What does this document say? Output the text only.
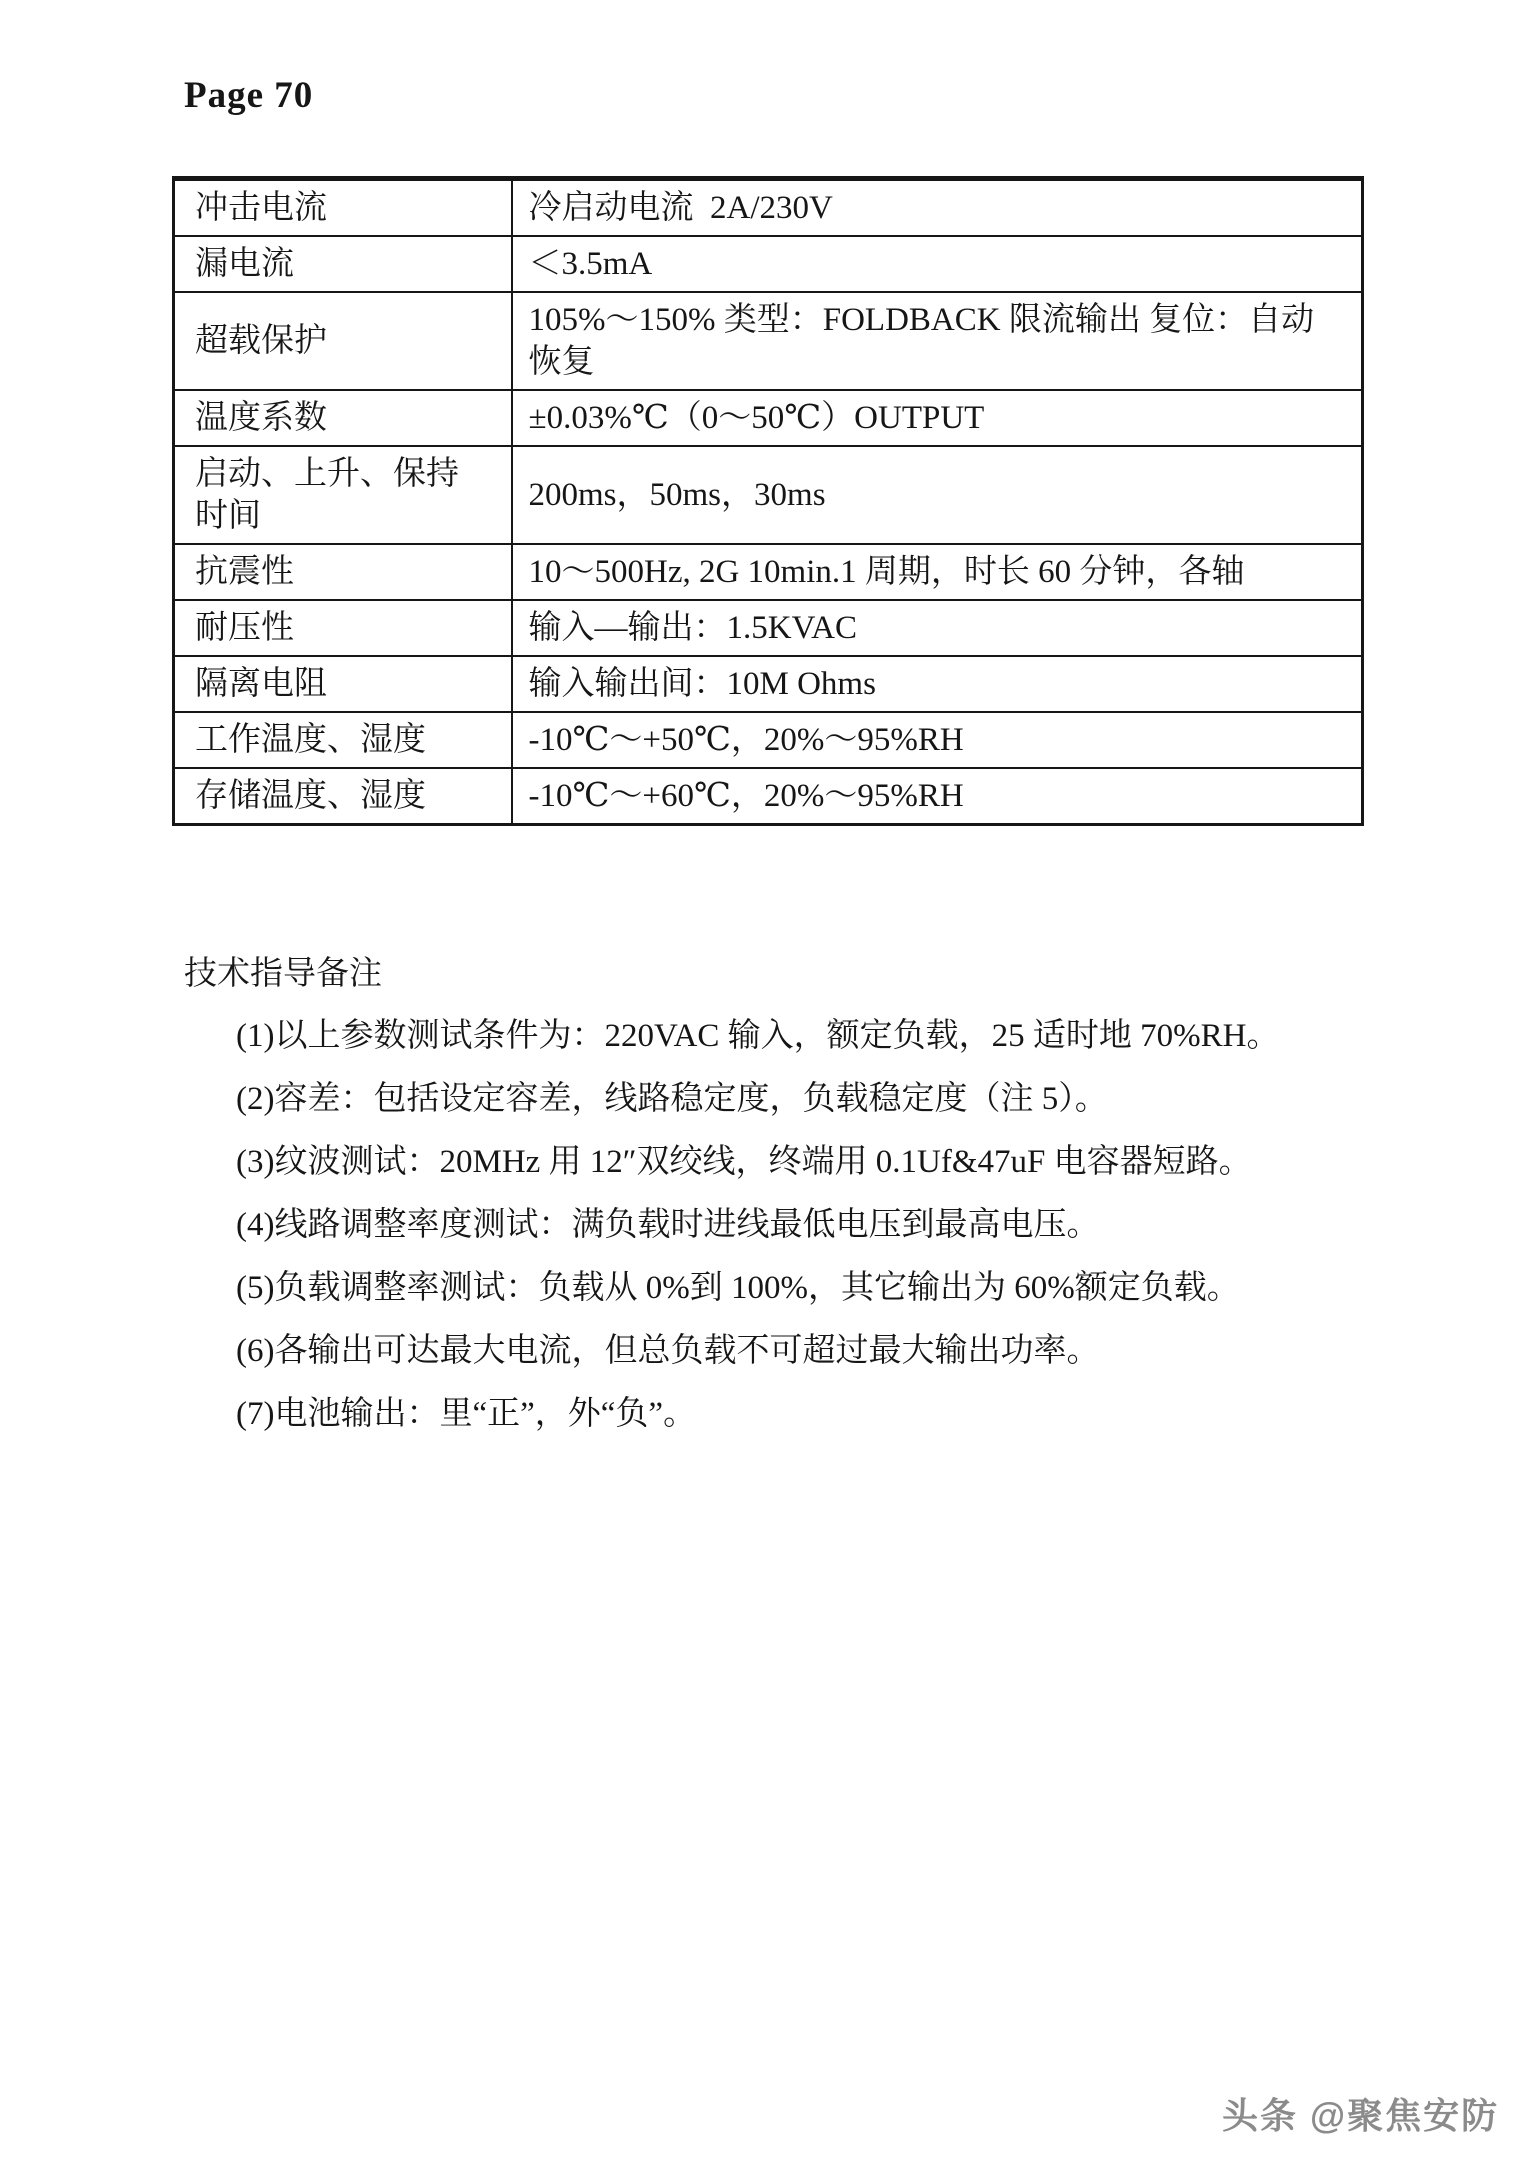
Page 70
冲击电流	冷启动电流  2A/230V
漏电流	＜3.5mA
超载保护	105%～150% 类型：FOLDBACK 限流输出 复位：自动恢复
温度系数	±0.03%℃（0～50℃）OUTPUT
启动、上升、保持时间	200ms，50ms，30ms
抗震性	10～500Hz, 2G 10min.1 周期，时长 60 分钟，各轴
耐压性	输入—输出：1.5KVAC
隔离电阻	输入输出间：10M Ohms
工作温度、湿度	-10℃～+50℃，20%～95%RH
存储温度、湿度	-10℃～+60℃，20%～95%RH
技术指导备注
(1)以上参数测试条件为：220VAC 输入，额定负载，25 适时地 70%RH。
(2)容差：包括设定容差，线路稳定度，负载稳定度（注 5）。
(3)纹波测试：20MHz 用 12″双绞线，终端用 0.1Uf&47uF 电容器短路。
(4)线路调整率度测试：满负载时进线最低电压到最高电压。
(5)负载调整率测试：负载从 0%到 100%，其它输出为 60%额定负载。
(6)各输出可达最大电流，但总负载不可超过最大输出功率。
(7)电池输出：里“正”，外“负”。
头条 @聚焦安防
